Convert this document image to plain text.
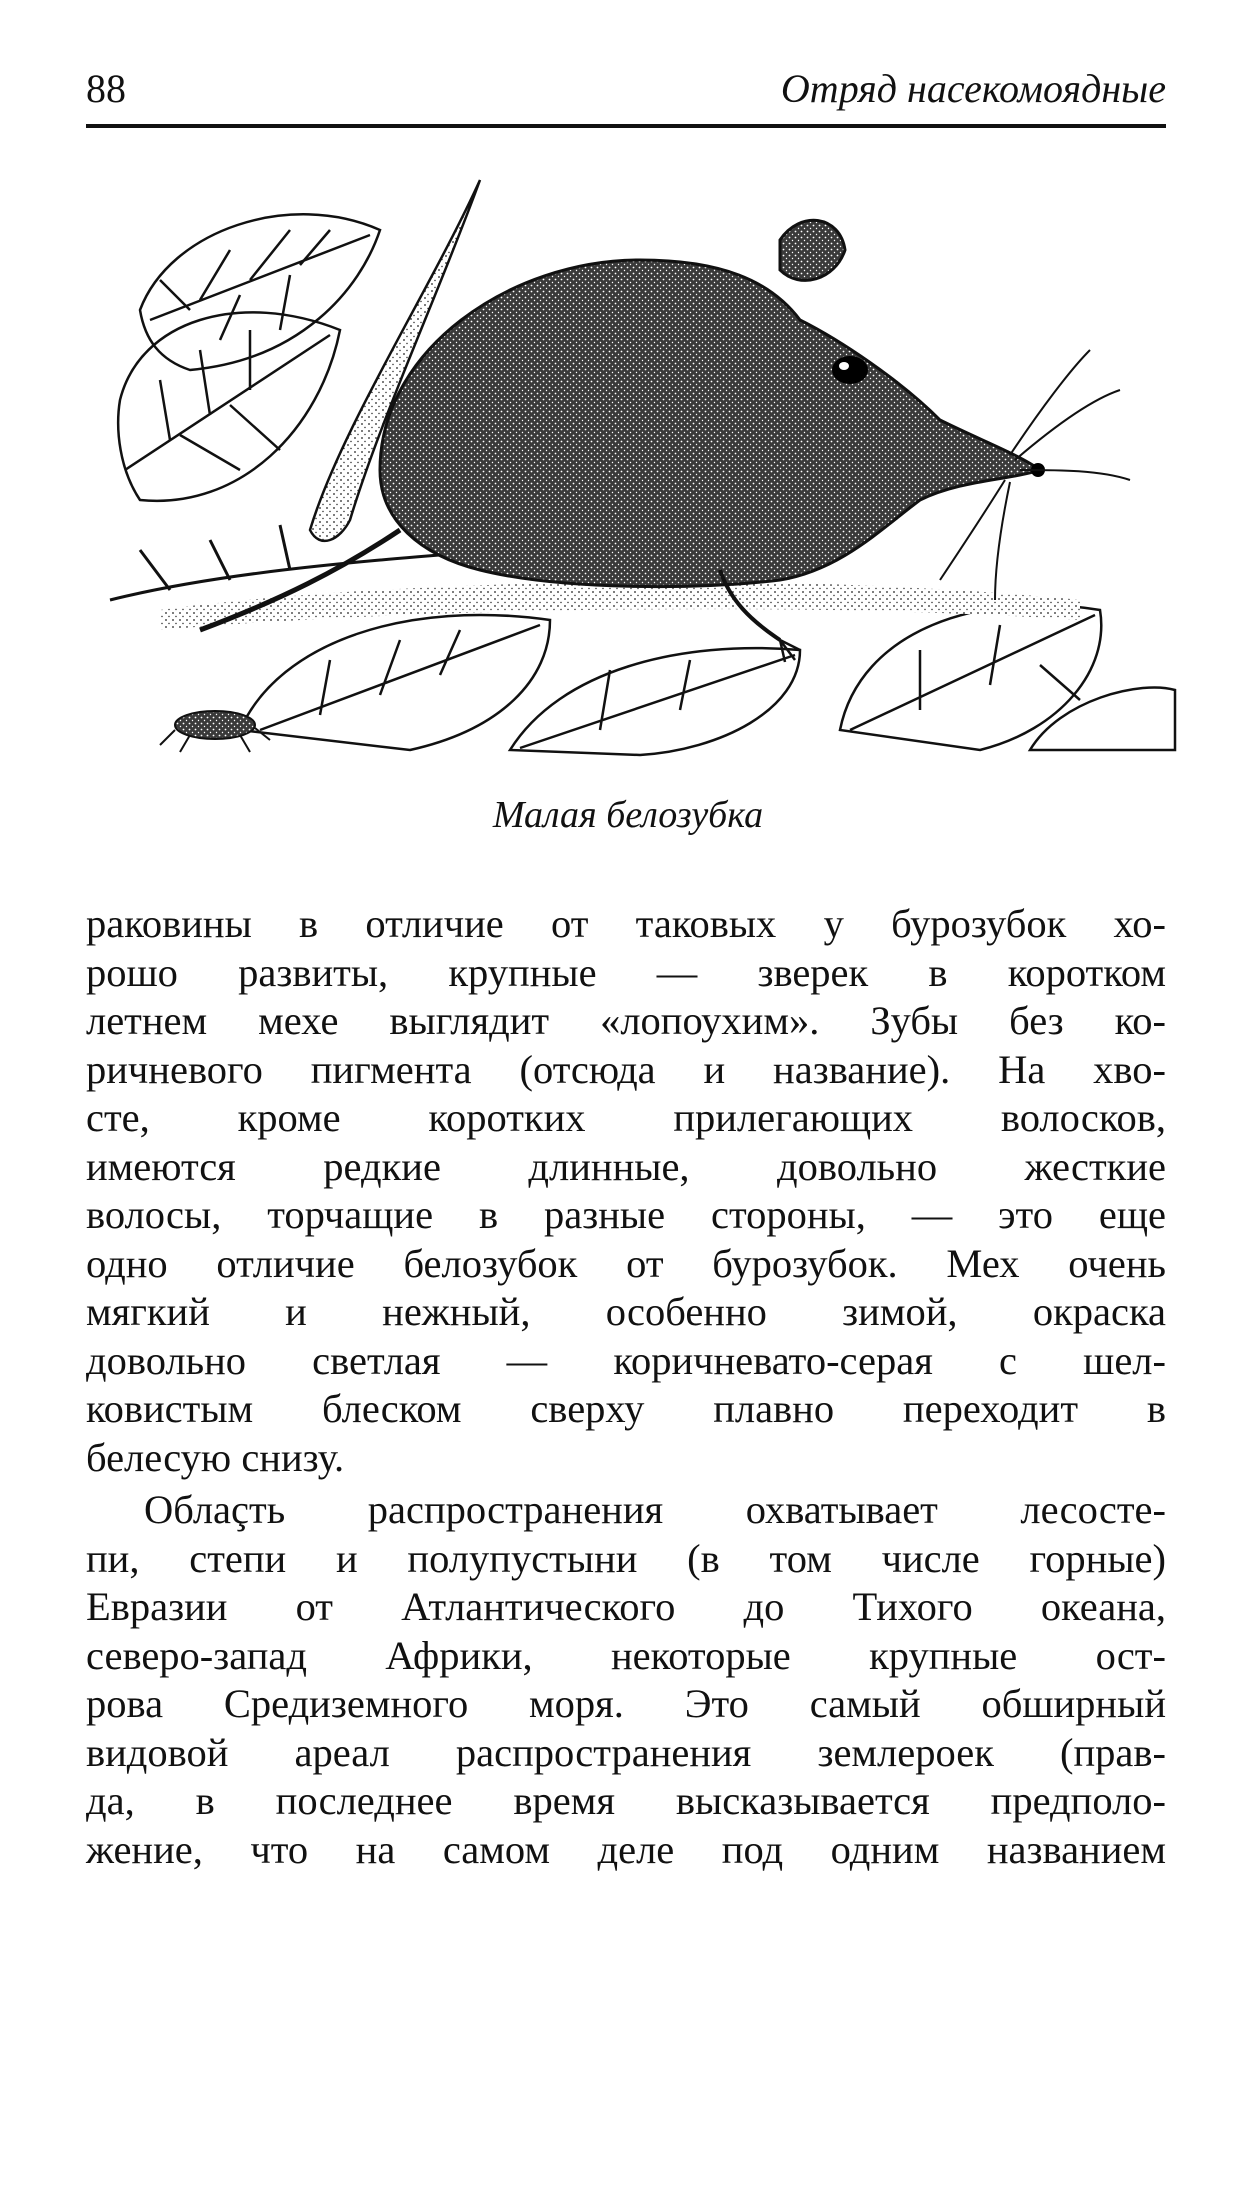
88	Отряд насекомоядные
Малая белозубка
раковины в отличие от таковых у бурозубок хо-
рошо развиты, крупные — зверек в коротком
летнем мехе выглядит «лопоухим». Зубы без ко-
ричневого пигмента (отсюда и название). На хво-
сте, кроме коротких прилегающих волосков,
имеются редкие длинные, довольно жесткие
волосы, торчащие в разные стороны, — это еще
одно отличие белозубок от бурозубок. Мех очень
мягкий и нежный, особенно зимой, окраска
довольно светлая — коричневато-серая с шел-
ковистым блеском сверху плавно переходит в
белесую снизу.
Облаçть распространения охватывает лесосте-
пи, степи и полупустыни (в том числе горные)
Евразии от Атлантического до Тихого океана,
северо-запад Африки, некоторые крупные ост-
рова Средиземного моря. Это самый обширный
видовой ареал распространения землероек (прав-
да, в последнее время высказывается предполо-
жение, что на самом деле под одним названием
